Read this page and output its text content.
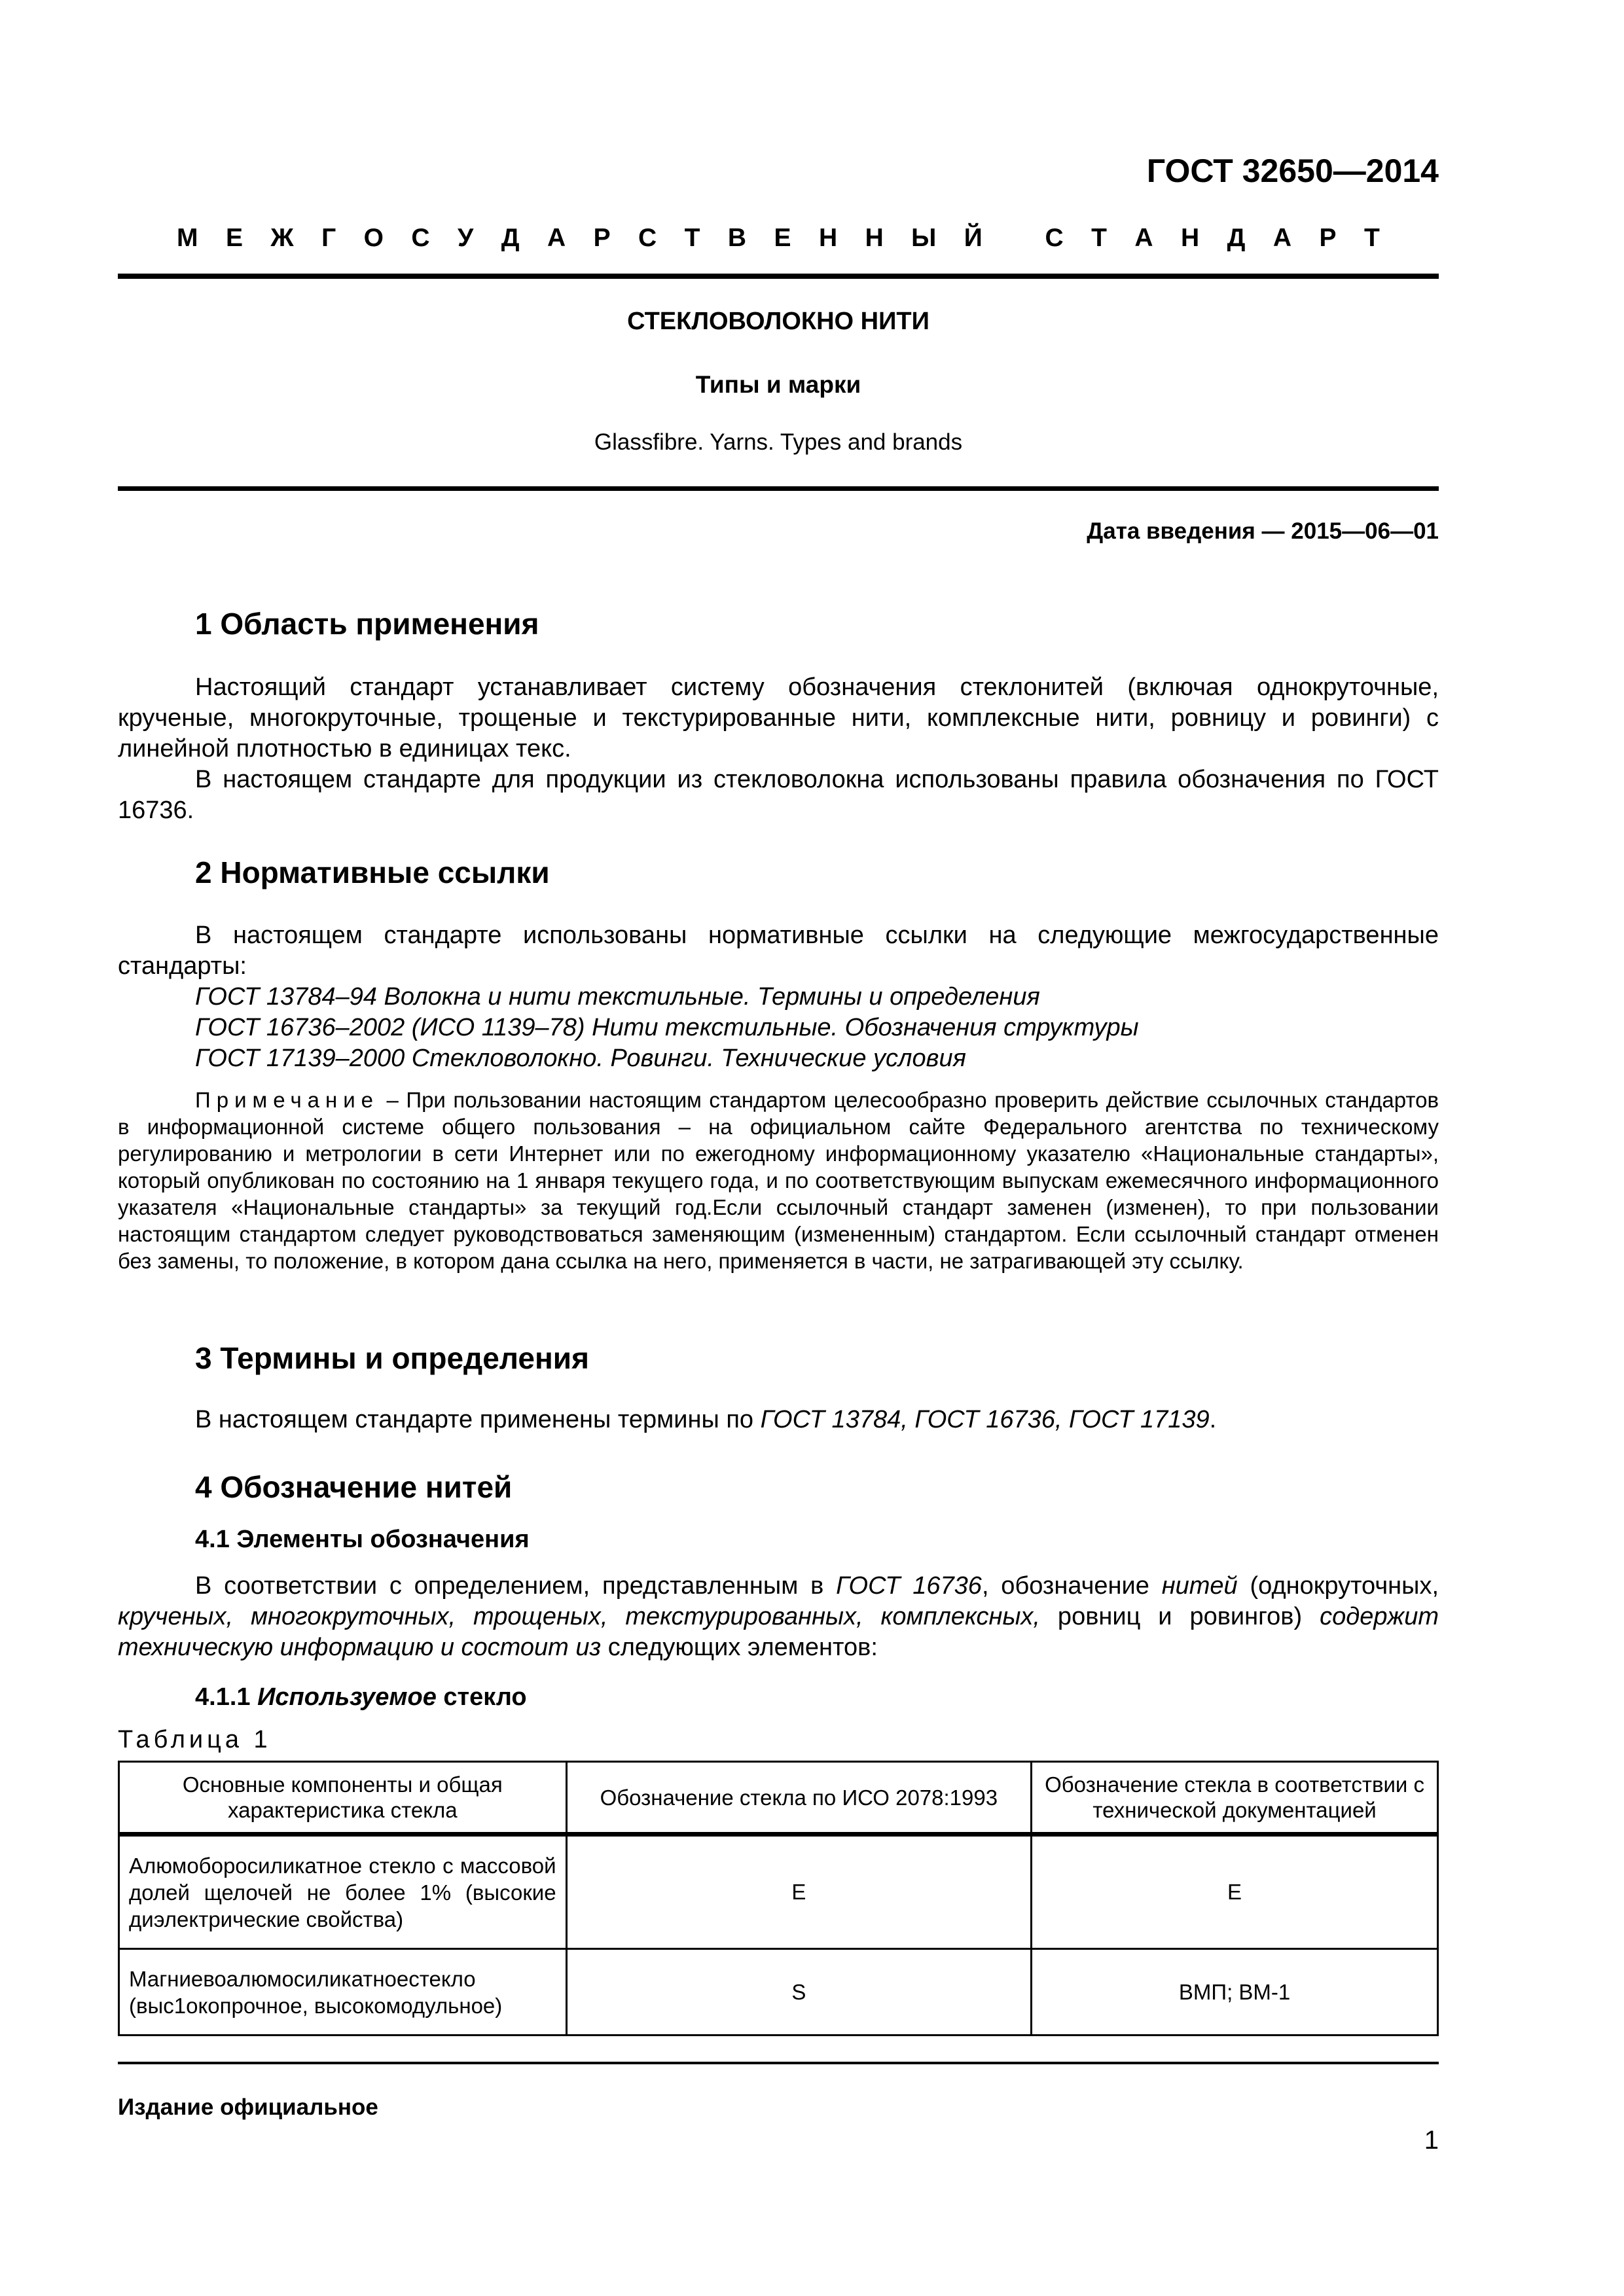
ГОСТ 32650—2014
М Е Ж Г О С У Д А Р С Т В Е Н Н Ы Й
С Т А Н Д А Р Т
СТЕКЛОВОЛОКНО НИТИ
Типы и марки
Glassfibre. Yarns. Types and brands
Дата введения — 2015—06—01
1 Область применения
Настоящий стандарт устанавливает систему обозначения стеклонитей (включая однокруточные, крученые, многокруточные, трощеные и текстурированные нити, комплексные нити, ровницу и ровинги) с линейной плотностью в единицах текс.
В настоящем стандарте для продукции из стекловолокна использованы правила обозначения по ГОСТ 16736.
2 Нормативные ссылки
В настоящем стандарте использованы нормативные ссылки на следующие межгосударственные стандарты:
ГОСТ 13784–94 Волокна и нити текстильные. Термины и определения
ГОСТ 16736–2002 (ИСО 1139–78) Нити текстильные. Обозначения структуры
ГОСТ 17139–2000 Стекловолокно. Ровинги. Технические условия
Примечание – При пользовании настоящим стандартом целесообразно проверить действие ссылочных стандартов в информационной системе общего пользования – на официальном сайте Федерального агентства по техническому регулированию и метрологии в сети Интернет или по ежегодному информационному указателю «Национальные стандарты», который опубликован по состоянию на 1 января текущего года, и по соответствующим выпускам ежемесячного информационного указателя «Национальные стандарты» за текущий год.Если ссылочный стандарт заменен (изменен), то при пользовании настоящим стандартом следует руководствоваться заменяющим (измененным) стандартом. Если ссылочный стандарт отменен без замены, то положение, в котором дана ссылка на него, применяется в части, не затрагивающей эту ссылку.
3 Термины и определения
В настоящем стандарте применены термины по ГОСТ 13784, ГОСТ 16736, ГОСТ 17139.
4 Обозначение нитей
4.1 Элементы обозначения
В соответствии с определением, представленным в ГОСТ 16736, обозначение нитей (однокруточных, крученых, многокруточных, трощеных, текстурированных, комплексных, ровниц и ровингов) содержит техническую информацию и состоит из следующих элементов:
4.1.1 Используемое стекло
Таблица 1
Основные компоненты и общая характеристика стекла	Обозначение стекла по ИСО 2078:1993	Обозначение стекла в соответствии с технической документацией
Алюмоборосиликатное стекло с массовой долей щелочей не более 1% (высокие диэлектрические свойства)	E	E
Магниевоалюмосиликатноестекло (выс1окопрочное, высокомодульное)	S	ВМП; ВМ-1
Издание официальное
1
